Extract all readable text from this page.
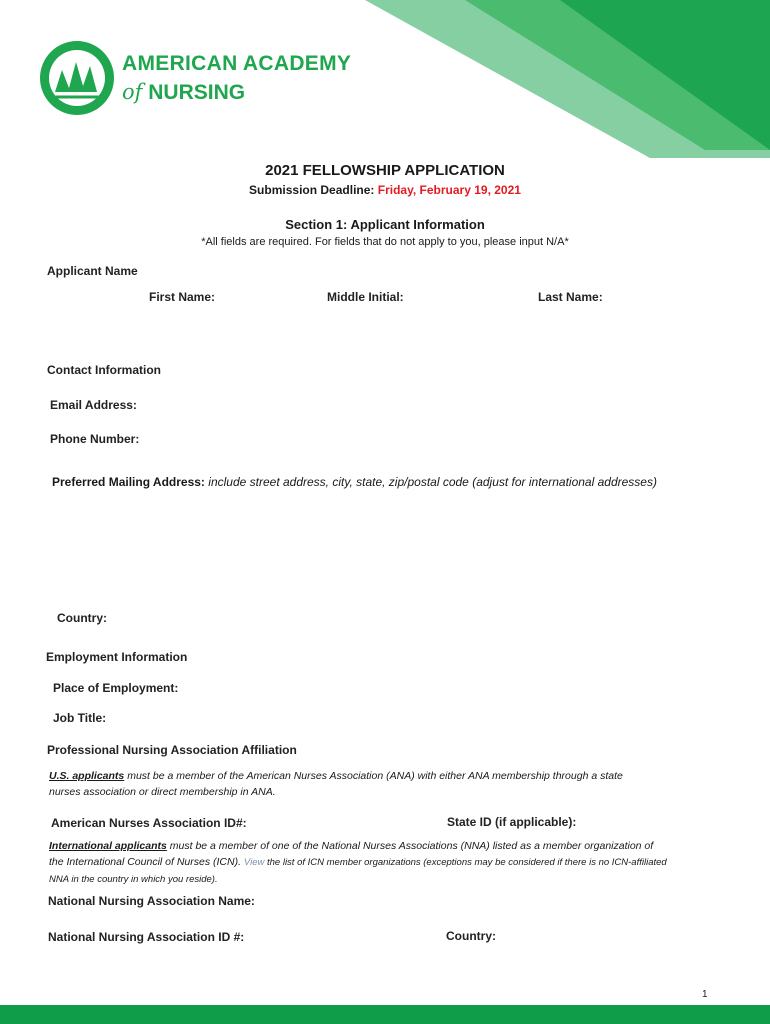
AMERICAN ACADEMY
of NURSING
2021 FELLOWSHIP APPLICATION
Submission Deadline: Friday, February 19, 2021
Section 1: Applicant Information
*All fields are required. For fields that do not apply to you, please input N/A*
Applicant Name
First Name:	Middle Initial:	Last Name:
Contact Information
Email Address:
Phone Number:
Preferred Mailing Address: include street address, city, state, zip/postal code (adjust for international addresses)
Country:
Employment Information
Place of Employment:
Job Title:
Professional Nursing Association Affiliation
U.S. applicants must be a member of the American Nurses Association (ANA) with either ANA membership through a state
nurses association or direct membership in ANA.
American Nurses Association ID#:	State ID (if applicable):
International applicants must be a member of one of the National Nurses Associations (NNA) listed as a member organization of
the International Council of Nurses (ICN). View the list of ICN member organizations (exceptions may be considered if there is no ICN-affiliated
NNA in the country in which you reside).
National Nursing Association Name:
National Nursing Association ID #:	Country:
1
